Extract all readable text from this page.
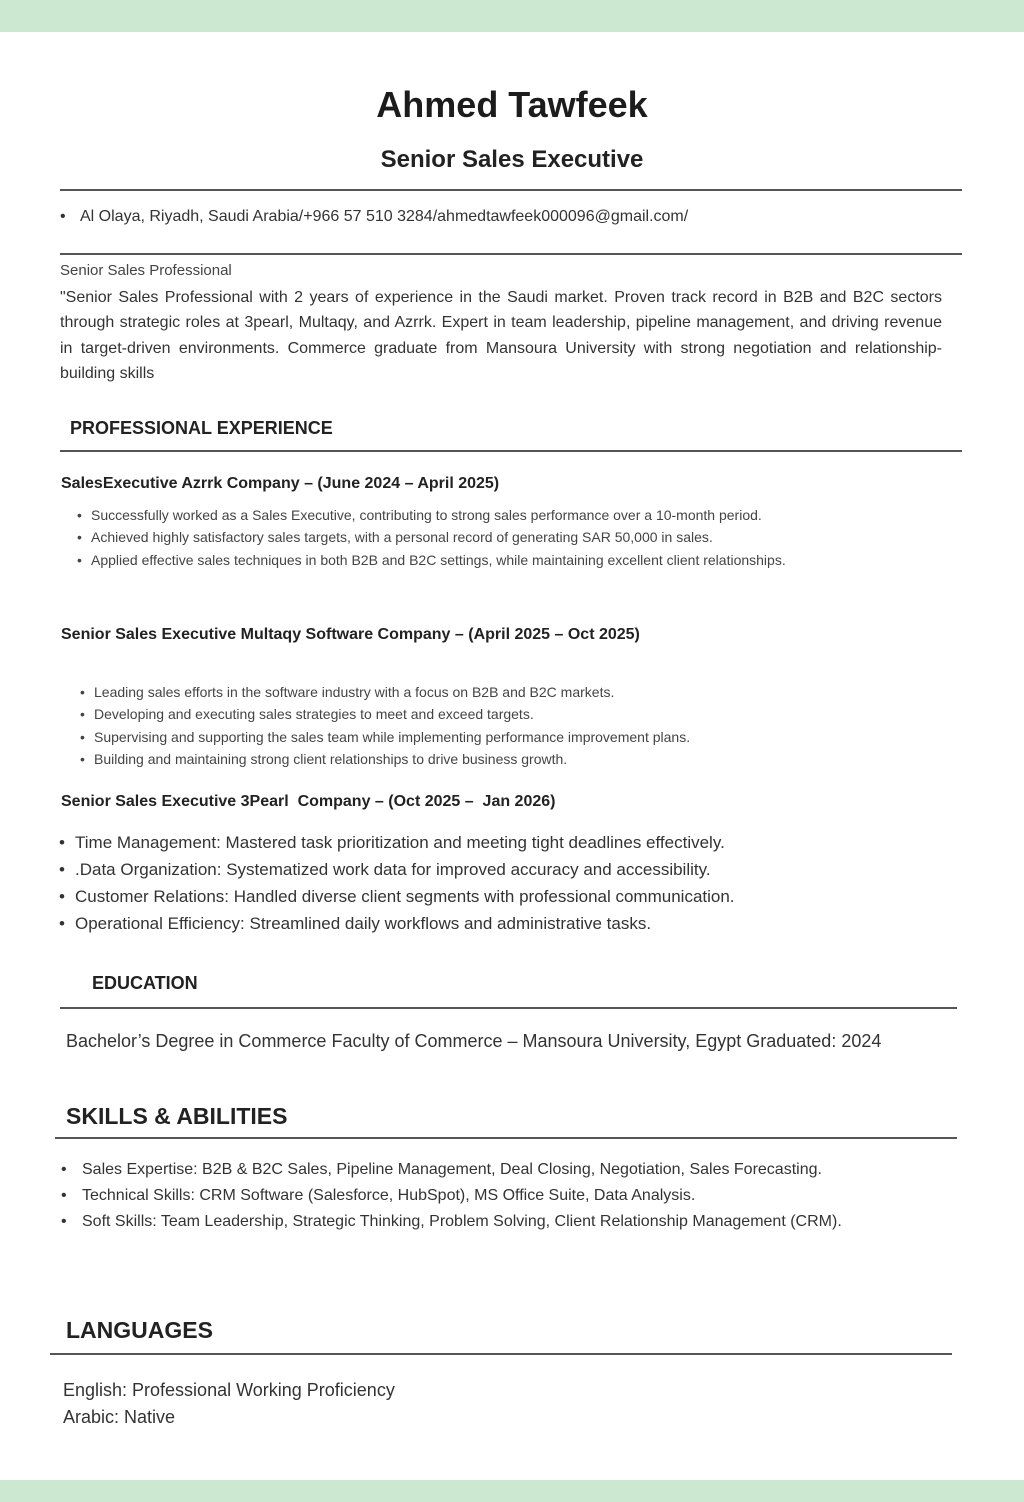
Ahmed Tawfeek
Senior Sales Executive
• Al Olaya, Riyadh, Saudi Arabia/+966 57 510 3284/ahmedtawfeek000096@gmail.com/
Senior Sales Professional
"Senior Sales Professional with 2 years of experience in the Saudi market. Proven track record in B2B and B2C sectors through strategic roles at 3pearl, Multaqy, and Azrrk. Expert in team leadership, pipeline management, and driving revenue in target-driven environments. Commerce graduate from Mansoura University with strong negotiation and relationship-building skills
PROFESSIONAL EXPERIENCE
SalesExecutive Azrrk Company – (June 2024 – April 2025)
• Successfully worked as a Sales Executive, contributing to strong sales performance over a 10-month period.
• Achieved highly satisfactory sales targets, with a personal record of generating SAR 50,000 in sales.
• Applied effective sales techniques in both B2B and B2C settings, while maintaining excellent client relationships.
Senior Sales Executive Multaqy Software Company – (April 2025 – Oct 2025)
• Leading sales efforts in the software industry with a focus on B2B and B2C markets.
• Developing and executing sales strategies to meet and exceed targets.
• Supervising and supporting the sales team while implementing performance improvement plans.
• Building and maintaining strong client relationships to drive business growth.
Senior Sales Executive 3Pearl  Company – (Oct 2025 –  Jan 2026)
• Time Management: Mastered task prioritization and meeting tight deadlines effectively.
• .Data Organization: Systematized work data for improved accuracy and accessibility.
• Customer Relations: Handled diverse client segments with professional communication.
• Operational Efficiency: Streamlined daily workflows and administrative tasks.
EDUCATION
Bachelor’s Degree in Commerce Faculty of Commerce – Mansoura University, Egypt Graduated: 2024
SKILLS & ABILITIES
• Sales Expertise: B2B & B2C Sales, Pipeline Management, Deal Closing, Negotiation, Sales Forecasting.
• Technical Skills: CRM Software (Salesforce, HubSpot), MS Office Suite, Data Analysis.
• Soft Skills: Team Leadership, Strategic Thinking, Problem Solving, Client Relationship Management (CRM).
LANGUAGES
English: Professional Working Proficiency
Arabic: Native
